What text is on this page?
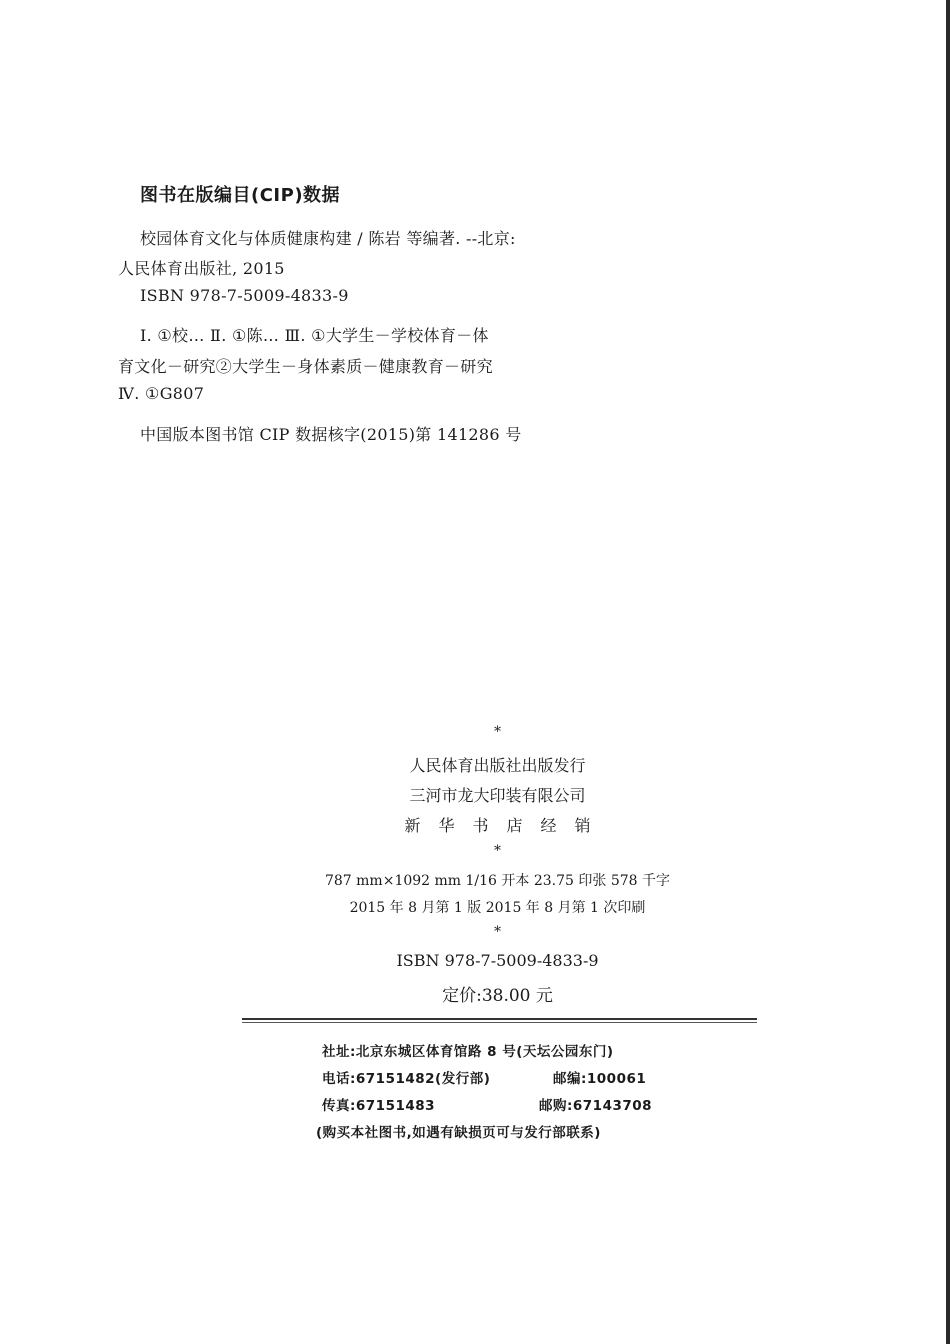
图书在版编目(CIP)数据
校园体育文化与体质健康构建 / 陈岩 等编著. --北京:
人民体育出版社, 2015
ISBN 978-7-5009-4833-9
Ⅰ. ①校… Ⅱ. ①陈… Ⅲ. ①大学生－学校体育－体
育文化－研究②大学生－身体素质－健康教育－研究
Ⅳ. ①G807
中国版本图书馆 CIP 数据核字(2015)第 141286 号
*
人民体育出版社出版发行
三河市龙大印装有限公司
新华书店经销
*
787 mm×1092 mm 1/16 开本 23.75 印张 578 千字
2015 年 8 月第 1 版 2015 年 8 月第 1 次印刷
*
ISBN 978-7-5009-4833-9
定价:38.00 元
社址:北京东城区体育馆路 8 号(天坛公园东门)
电话:67151482(发行部)	邮编:100061
传真:67151483	邮购:67143708
(购买本社图书,如遇有缺损页可与发行部联系)
